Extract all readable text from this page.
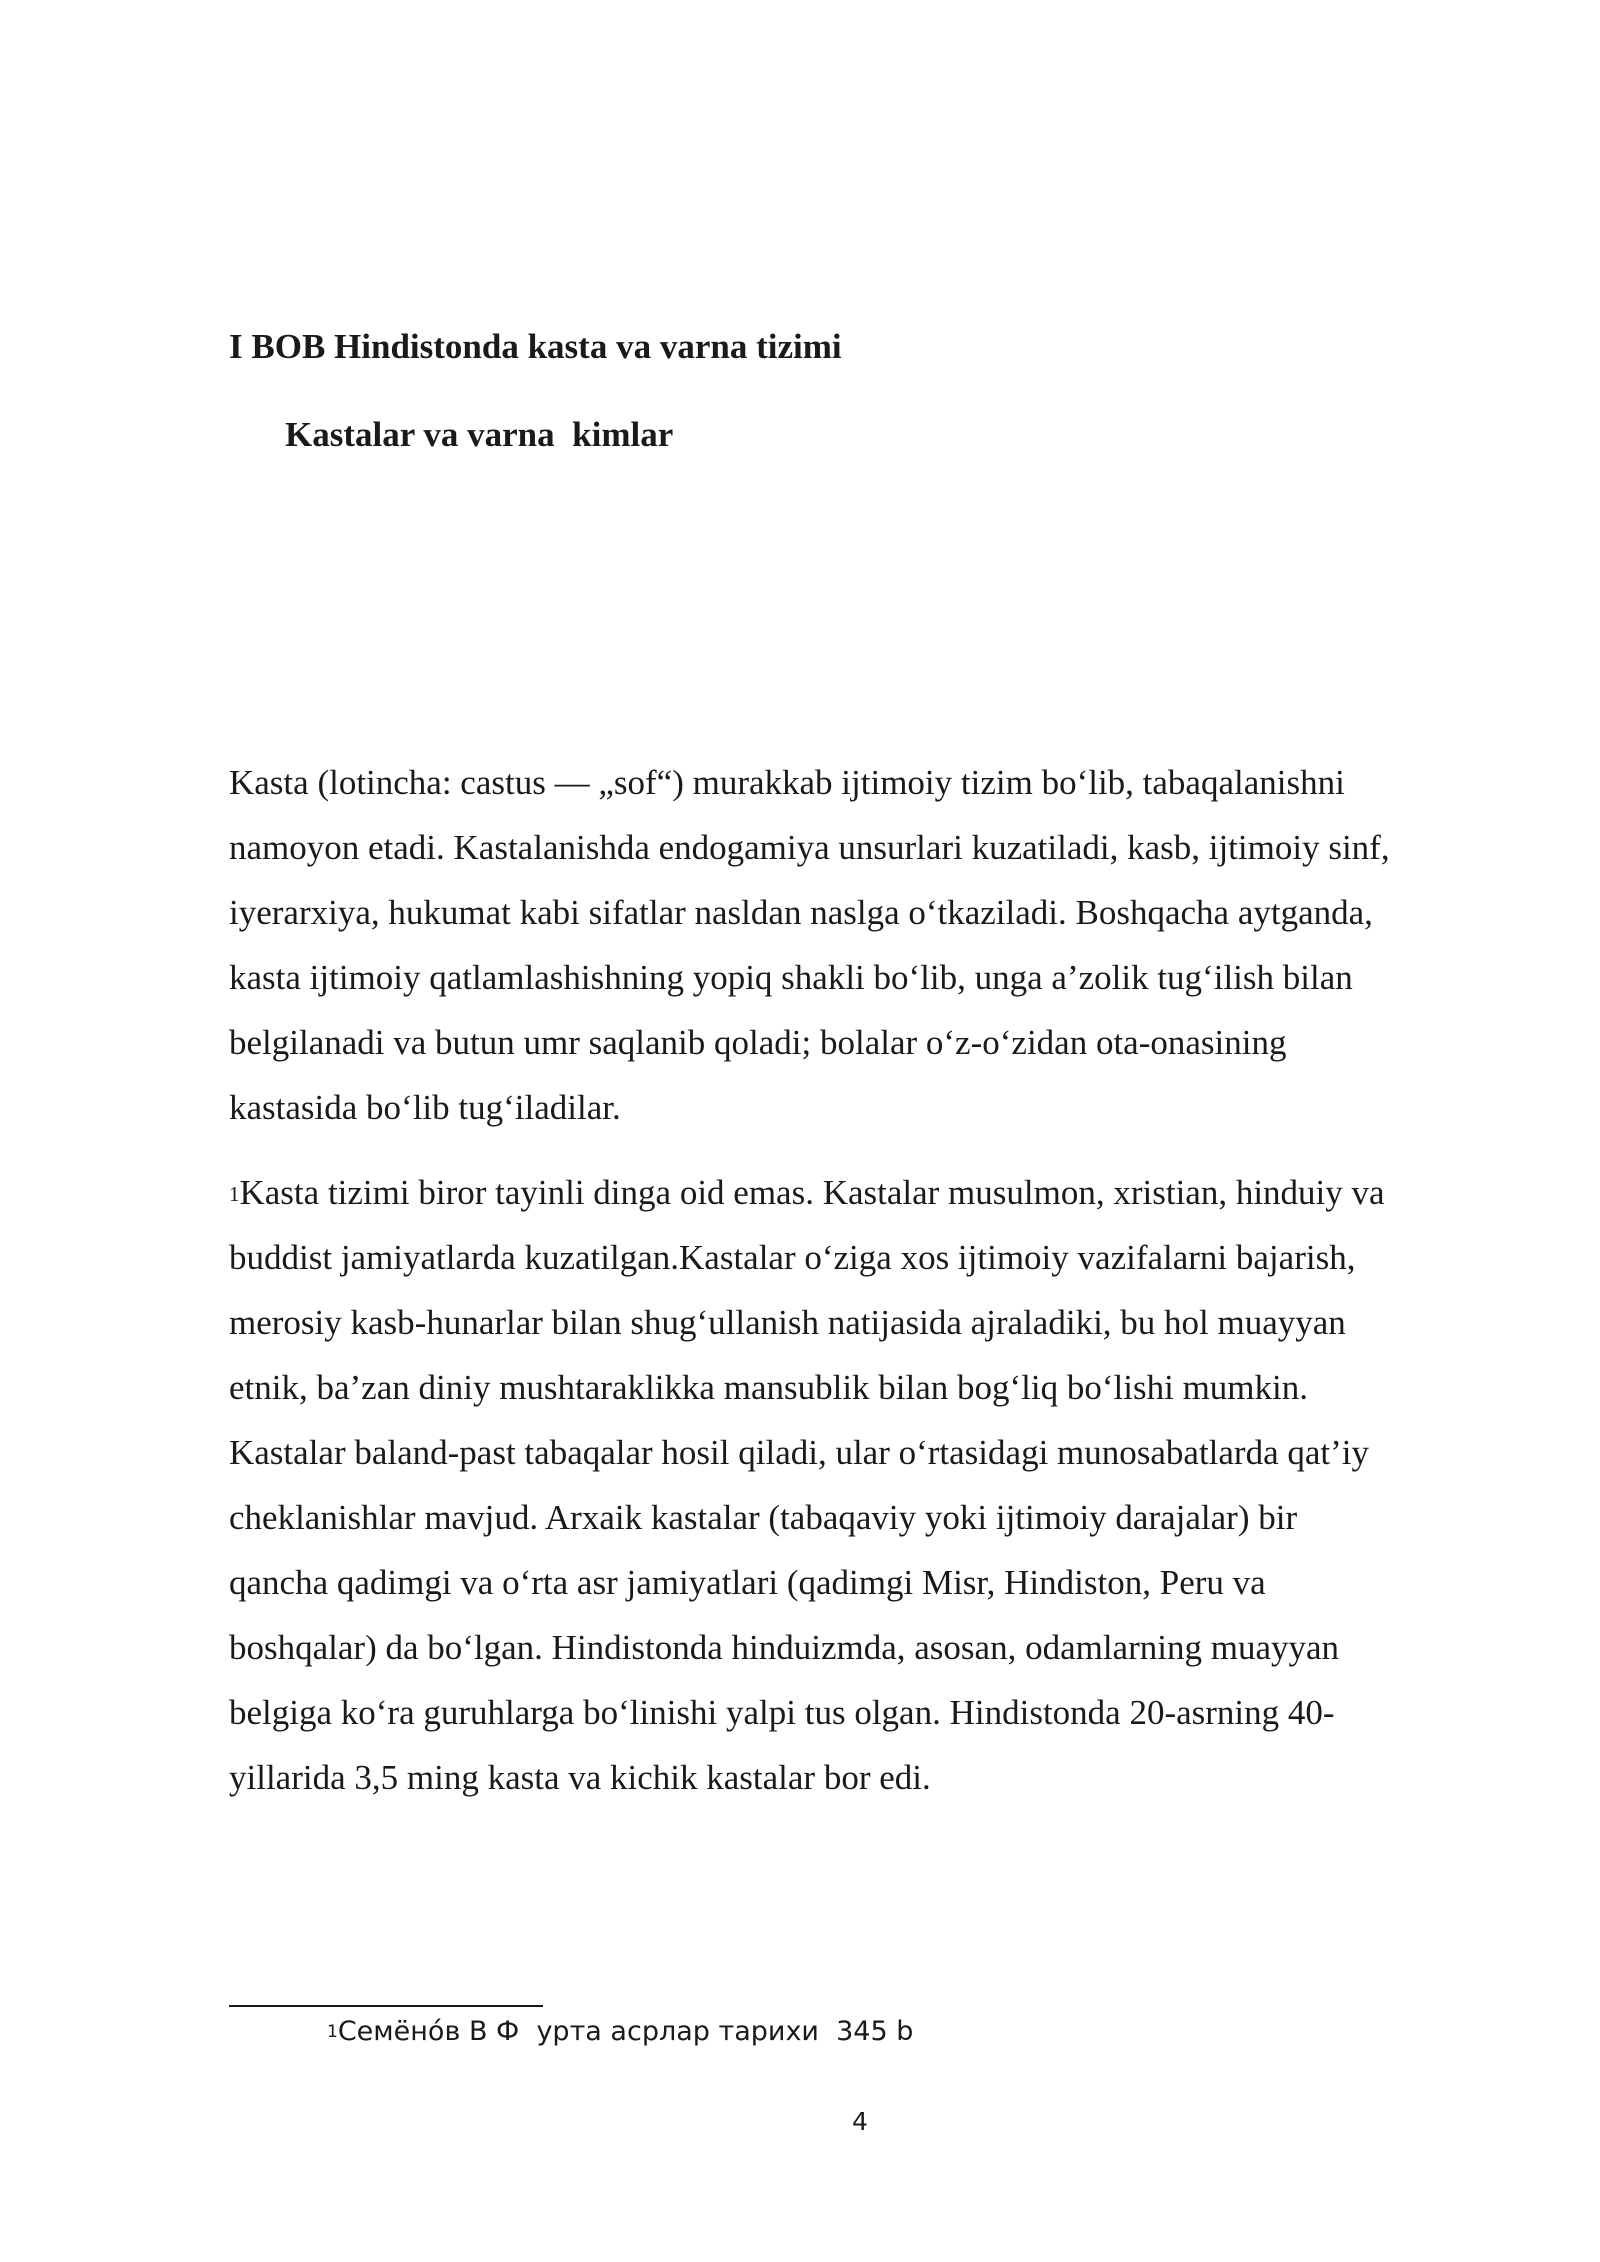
I BOB Hindistonda kasta va varna tizimi
Kastalar va varna  kimlar

Kasta (lotincha: castus — „sof“) murakkab ijtimoiy tizim bo‘lib, tabaqalanishni
namoyon etadi. Kastalanishda endogamiya unsurlari kuzatiladi, kasb, ijtimoiy sinf,
iyerarxiya, hukumat kabi sifatlar nasldan naslga o‘tkaziladi. Boshqacha aytganda,
kasta ijtimoiy qatlamlashishning yopiq shakli bo‘lib, unga a’zolik tug‘ilish bilan
belgilanadi va butun umr saqlanib qoladi; bolalar o‘z-o‘zidan ota-onasining
kastasida bo‘lib tug‘iladilar.

$^1$Kasta tizimi biror tayinli dinga oid emas. Kastalar musulmon, xristian, hinduiy va
buddist jamiyatlarda kuzatilgan.Kastalar o‘ziga xos ijtimoiy vazifalarni bajarish,
merosiy kasb-hunarlar bilan shug‘ullanish natijasida ajraladiki, bu hol muayyan
etnik, ba’zan diniy mushtaraklikka mansublik bilan bog‘liq bo‘lishi mumkin.
Kastalar baland-past tabaqalar hosil qiladi, ular o‘rtasidagi munosabatlarda qat’iy
cheklanishlar mavjud. Arxaik kastalar (tabaqaviy yoki ijtimoiy darajalar) bir
qancha qadimgi va o‘rta asr jamiyatlari (qadimgi Misr, Hindiston, Peru va
boshqalar) da bo‘lgan. Hindistonda hinduizmda, asosan, odamlarning muayyan
belgiga ko‘ra guruhlarga bo‘linishi yalpi tus olgan. Hindistonda 20-asrning 40-
yillarida 3,5 ming kasta va kichik kastalar bor edi.

$^1$Семёно́в В Ф  урта асрлар тарихи  345 b
4
